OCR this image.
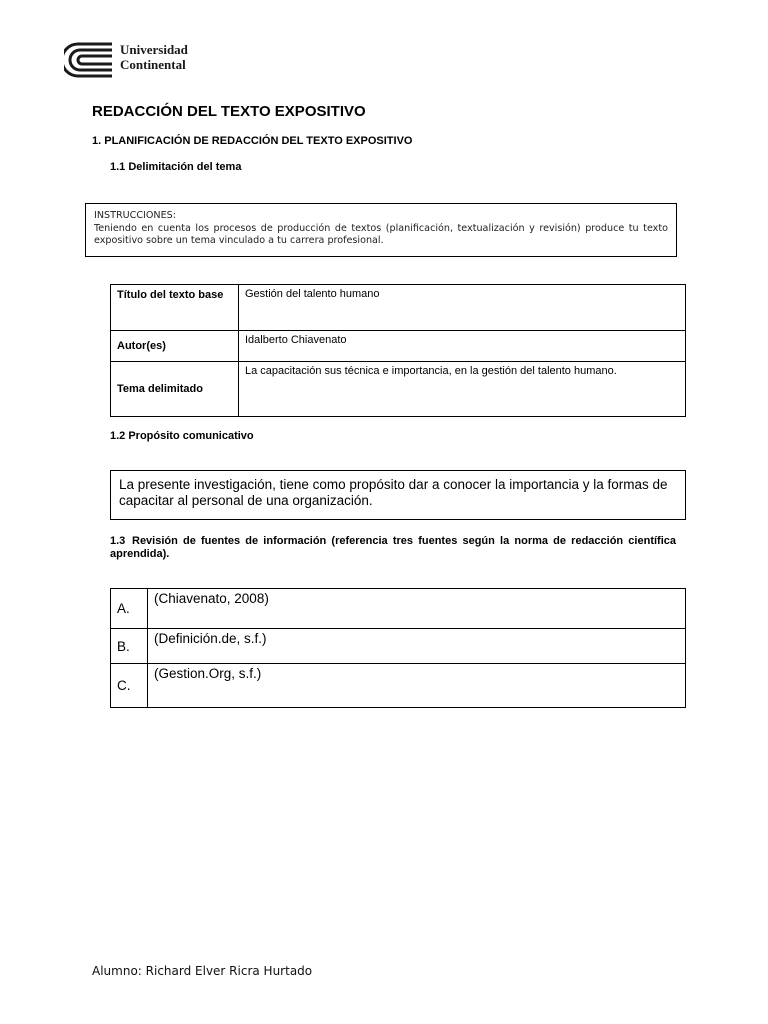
Universidad
Continental
REDACCIÓN DEL TEXTO EXPOSITIVO
1. PLANIFICACIÓN DE REDACCIÓN DEL TEXTO EXPOSITIVO
1.1 Delimitación del tema
INSTRUCCIONES:
Teniendo en cuenta los procesos de producción de textos (planificación, textualización y revisión) produce tu texto expositivo sobre un tema vinculado a tu carrera profesional.
Título del texto base	Gestión del talento humano
Autor(es)	Idalberto Chiavenato
Tema delimitado	La capacitación sus técnica e importancia, en la gestión del talento humano.
1.2 Propósito comunicativo
La presente investigación, tiene como propósito dar a conocer la importancia y la formas de capacitar al personal de una organización.
1.3 Revisión de fuentes de información (referencia tres fuentes según la norma de redacción científica aprendida).
A.	(Chiavenato, 2008)
B.	(Definición.de, s.f.)
C.	(Gestion.Org, s.f.)
Alumno: Richard Elver Ricra Hurtado
